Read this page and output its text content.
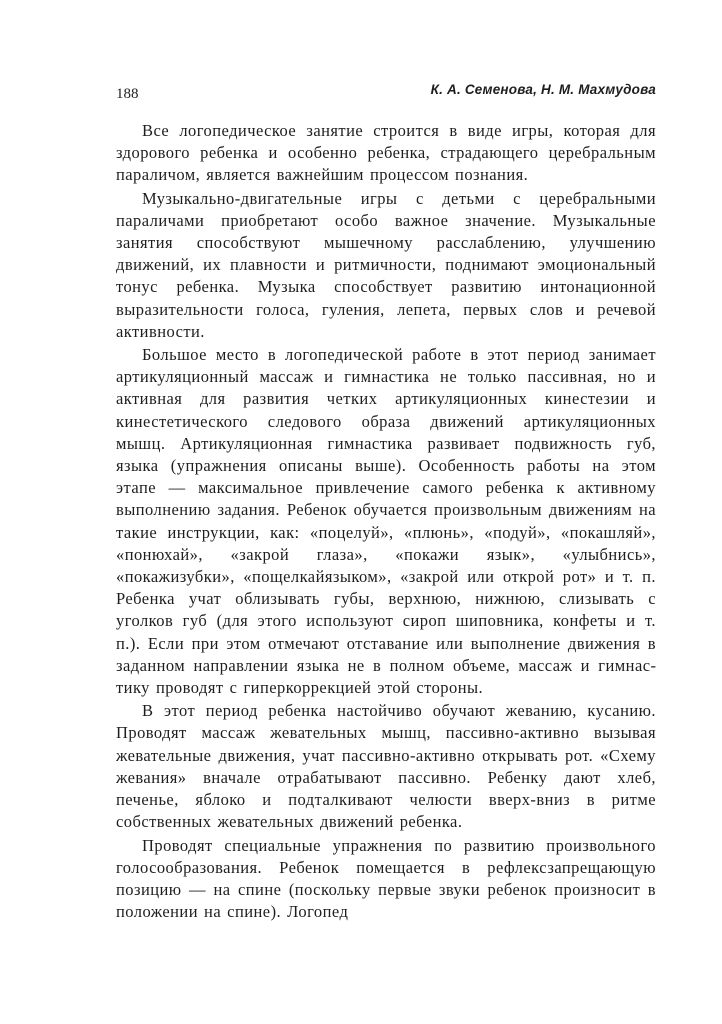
188	К. А. Семенова, Н. М. Махмудова

Все логопедическое занятие строится в виде игры, которая для здорового ребенка и особенно ребенка, страдающего церебральным параличом, является важнейшим процессом познания.

Музыкально-двигательные игры с детьми с церебральными параличами приобретают особо важное значение. Музыкальные занятия способствуют мышечному расслаблению, улучшению движений, их плавности и ритмичности, поднимают эмоциональный тонус ребенка. Музыка способствует развитию интонационной выразительности голоса, гуления, лепета, первых слов и речевой активности.

Большое место в логопедической работе в этот период занимает артикуляционный массаж и гимнастика не только пассивная, но и активная для развития четких артикуляционных кинестезии и кинестетического следового образа движений артикуляционных мышц. Артикуляционная гимнастика развивает подвижность губ, языка (упражнения описаны выше). Особенность работы на этом этапе — максимальное привлечение самого ребенка к активному выполнению задания. Ребенок обучается произвольным движениям на такие инструкции, как: «поцелуй», «плюнь», «подуй», «покашляй», «понюхай», «закрой глаза», «покажи язык», «улыбнись», «покажизубки», «пощелкайязыком», «закрой или открой рот» и т. п. Ребенка учат облизывать губы, верхнюю, нижнюю, слизывать с уголков губ (для этого используют сироп шиповника, конфеты и т. п.). Если при этом отмечают отставание или выполнение движения в заданном направлении языка не в полном объеме, массаж и гимнастику проводят с гиперкоррекцией этой стороны.

В этот период ребенка настойчиво обучают жеванию, кусанию. Проводят массаж жевательных мышц, пассивно-активно вызывая жевательные движения, учат пассивно-активно открывать рот. «Схему жевания» вначале отрабатывают пассивно. Ребенку дают хлеб, печенье, яблоко и подталкивают челюсти вверх-вниз в ритме собственных жевательных движений ребенка.

Проводят специальные упражнения по развитию произвольного голосообразования. Ребенок помещается в рефлексзапрещающую позицию — на спине (поскольку первые звуки ребенок произносит в положении на спине). Логопед
